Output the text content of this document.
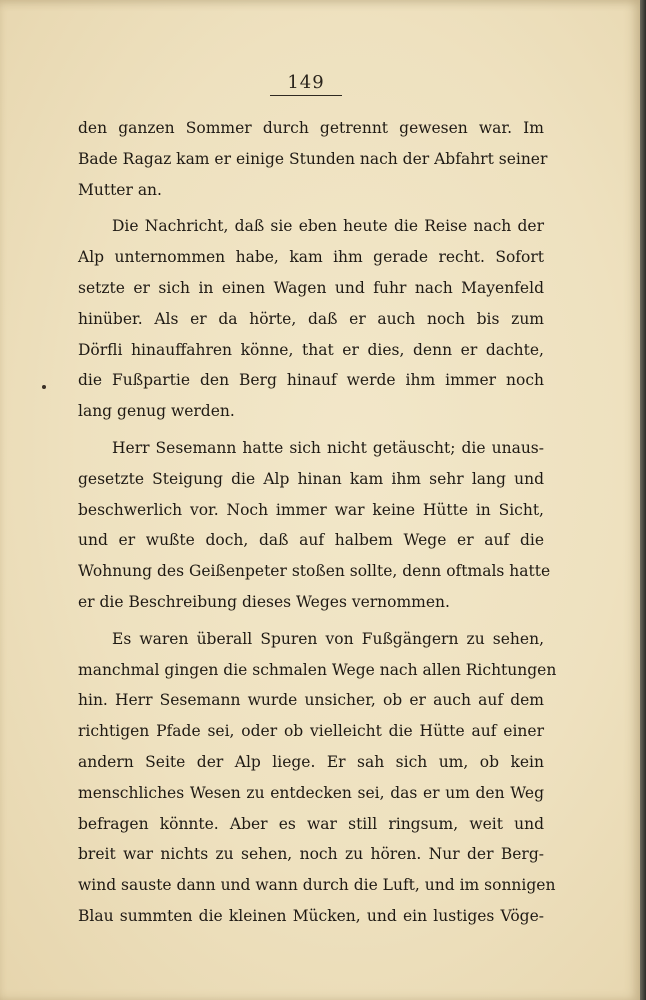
149
den ganzen Sommer durch getrennt gewesen war. Im
Bade Ragaz kam er einige Stunden nach der Abfahrt seiner
Mutter an.
Die Nachricht, daß sie eben heute die Reise nach der
Alp unternommen habe, kam ihm gerade recht. Sofort
setzte er sich in einen Wagen und fuhr nach Mayenfeld
hinüber. Als er da hörte, daß er auch noch bis zum
Dörfli hinauffahren könne, that er dies, denn er dachte,
die Fußpartie den Berg hinauf werde ihm immer noch
lang genug werden.
Herr Sesemann hatte sich nicht getäuscht; die unaus-
gesetzte Steigung die Alp hinan kam ihm sehr lang und
beschwerlich vor. Noch immer war keine Hütte in Sicht,
und er wußte doch, daß auf halbem Wege er auf die
Wohnung des Geißenpeter stoßen sollte, denn oftmals hatte
er die Beschreibung dieses Weges vernommen.
Es waren überall Spuren von Fußgängern zu sehen,
manchmal gingen die schmalen Wege nach allen Richtungen
hin. Herr Sesemann wurde unsicher, ob er auch auf dem
richtigen Pfade sei, oder ob vielleicht die Hütte auf einer
andern Seite der Alp liege. Er sah sich um, ob kein
menschliches Wesen zu entdecken sei, das er um den Weg
befragen könnte. Aber es war still ringsum, weit und
breit war nichts zu sehen, noch zu hören. Nur der Berg-
wind sauste dann und wann durch die Luft, und im sonnigen
Blau summten die kleinen Mücken, und ein lustiges Vöge-
